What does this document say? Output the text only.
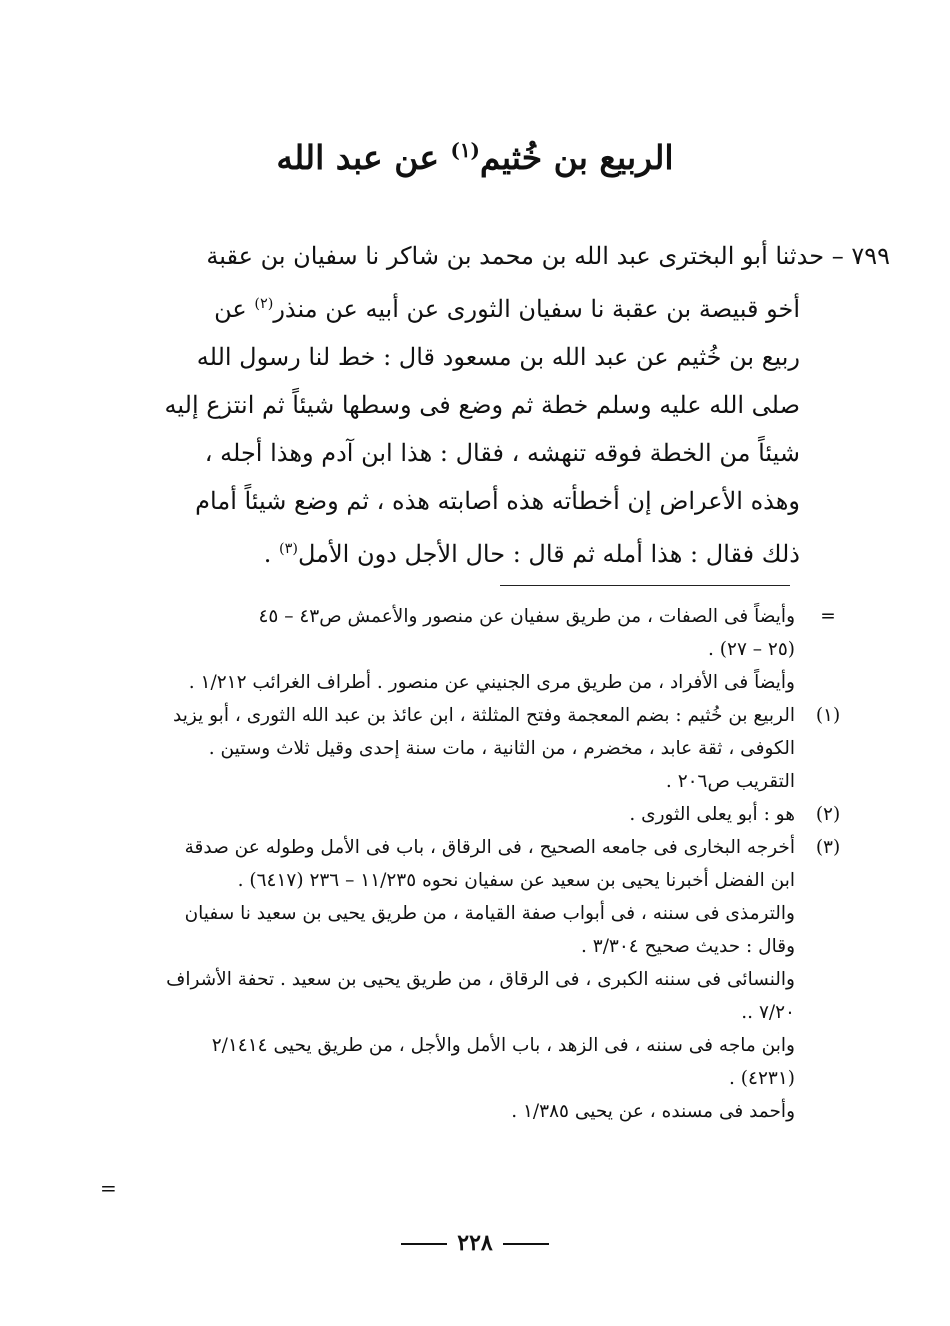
الربيع بن خُثيم$^{(١)}$ عن عبد الله
٧٩٩ – حدثنا أبو البخترى عبد الله بن محمد بن شاكر نا سفيان بن عقبة
أخو قبيصة بن عقبة نا سفيان الثورى عن أبيه عن منذر$^{(٢)}$ عن
ربيع بن خُثيم عن عبد الله بن مسعود قال : خط لنا رسول الله
صلى الله عليه وسلم خطة ثم وضع فى وسطها شيئاً ثم انتزع إليه
شيئاً من الخطة فوقه تنهشه ، فقال : هذا ابن آدم وهذا أجله ،
وهذه الأعراض إن أخطأته هذه أصابته هذه ، ثم وضع شيئاً أمام
ذلك فقال : هذا أمله ثم قال : حال الأجل دون الأمل$^{(٣)}$ .
=
وأيضاً فى الصفات ، من طريق سفيان عن منصور والأعمش ص٤٣ – ٤٥
(٢٥ – ٢٧) .
وأيضاً فى الأفراد ، من طريق مرى الجنيني عن منصور . أطراف الغرائب ١/٢١٢ .
(١)
الربيع بن خُثيم : بضم المعجمة وفتح المثلثة ، ابن عائذ بن عبد الله الثورى ، أبو يزيد
الكوفى ، ثقة عابد ، مخضرم ، من الثانية ، مات سنة إحدى وقيل ثلاث وستين .
التقريب ص٢٠٦ .
(٢)
هو : أبو يعلى الثورى .
(٣)
أخرجه البخارى فى جامعه الصحيح ، فى الرقاق ، باب فى الأمل وطوله عن صدقة
ابن الفضل أخبرنا يحيى بن سعيد عن سفيان نحوه ١١/٢٣٥ – ٢٣٦ (٦٤١٧) .
والترمذى فى سننه ، فى أبواب صفة القيامة ، من طريق يحيى بن سعيد نا سفيان
وقال : حديث صحيح ٣/٣٠٤ .
والنسائى فى سننه الكبرى ، فى الرقاق ، من طريق يحيى بن سعيد . تحفة الأشراف
٧/٢٠ ..
وابن ماجه فى سننه ، فى الزهد ، باب الأمل والأجل ، من طريق يحيى ٢/١٤١٤
(٤٢٣١) .
وأحمد فى مسنده ، عن يحيى ١/٣٨٥ .
=
٢٢٨
